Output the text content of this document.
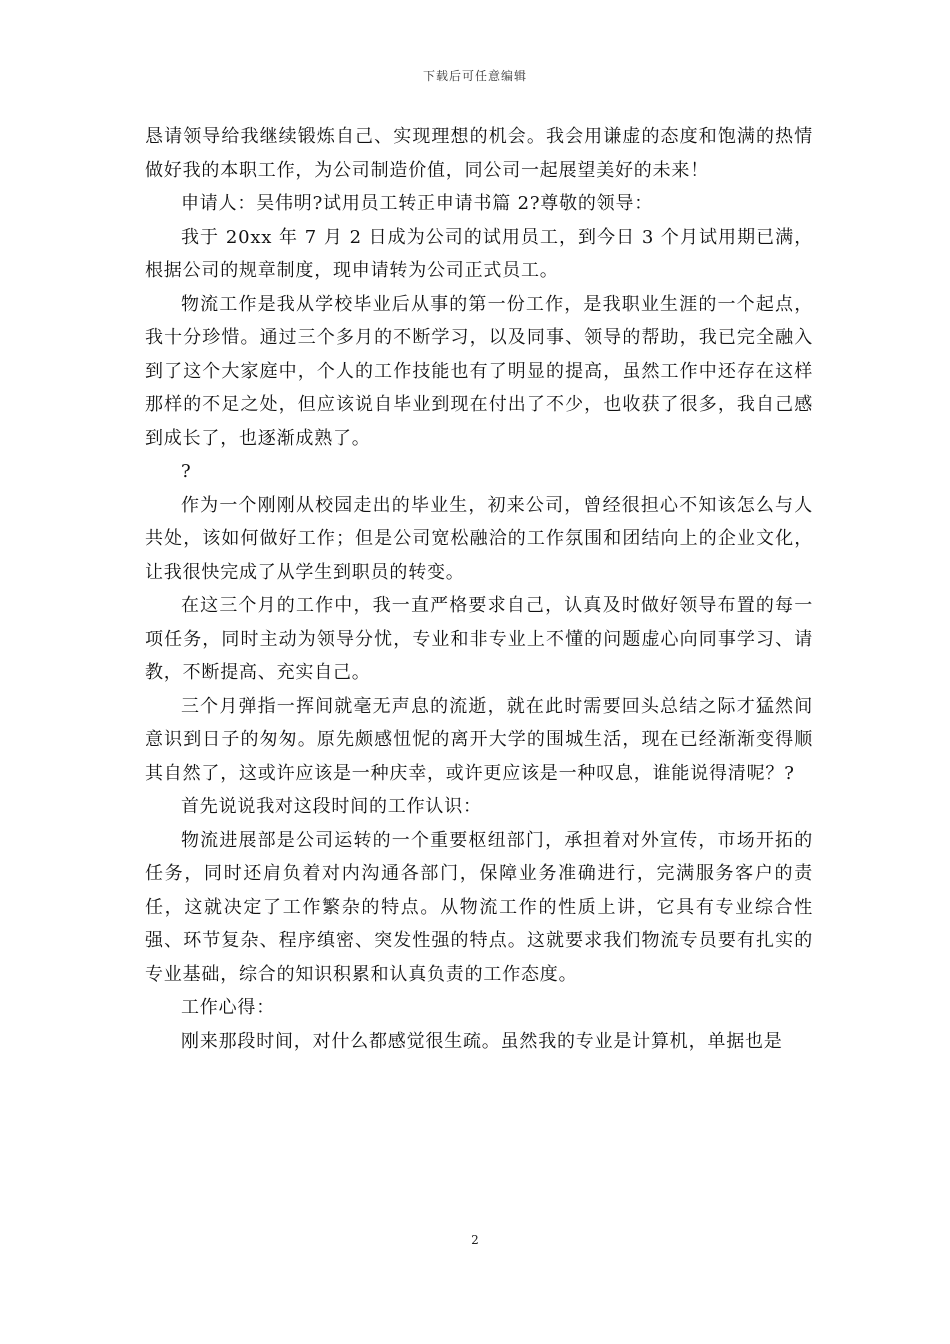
下载后可任意编辑

恳请领导给我继续锻炼自己、实现理想的机会。我会用谦虚的态度和饱满的热情做好我的本职工作，为公司制造价值，同公司一起展望美好的未来！

申请人：吴伟明?试用员工转正申请书篇 2?尊敬的领导：

我于 20xx 年 7 月 2 日成为公司的试用员工，到今日 3 个月试用期已满，根据公司的规章制度，现申请转为公司正式员工。

物流工作是我从学校毕业后从事的第一份工作，是我职业生涯的一个起点，我十分珍惜。通过三个多月的不断学习，以及同事、领导的帮助，我已完全融入到了这个大家庭中，个人的工作技能也有了明显的提高，虽然工作中还存在这样那样的不足之处，但应该说自毕业到现在付出了不少，也收获了很多，我自己感到成长了，也逐渐成熟了。

?

作为一个刚刚从校园走出的毕业生，初来公司，曾经很担心不知该怎么与人共处，该如何做好工作；但是公司宽松融洽的工作氛围和团结向上的企业文化，让我很快完成了从学生到职员的转变。

在这三个月的工作中，我一直严格要求自己，认真及时做好领导布置的每一项任务，同时主动为领导分忧，专业和非专业上不懂的问题虚心向同事学习、请教，不断提高、充实自己。

三个月弹指一挥间就毫无声息的流逝，就在此时需要回头总结之际才猛然间意识到日子的匆匆。原先颇感忸怩的离开大学的围城生活，现在已经渐渐变得顺其自然了，这或许应该是一种庆幸，或许更应该是一种叹息，谁能说得清呢？?

首先说说我对这段时间的工作认识：

物流进展部是公司运转的一个重要枢纽部门，承担着对外宣传，市场开拓的任务，同时还肩负着对内沟通各部门，保障业务准确进行，完满服务客户的责任，这就决定了工作繁杂的特点。从物流工作的性质上讲，它具有专业综合性强、环节复杂、程序缜密、突发性强的特点。这就要求我们物流专员要有扎实的专业基础，综合的知识积累和认真负责的工作态度。

工作心得：

刚来那段时间，对什么都感觉很生疏。虽然我的专业是计算机，单据也是

2
